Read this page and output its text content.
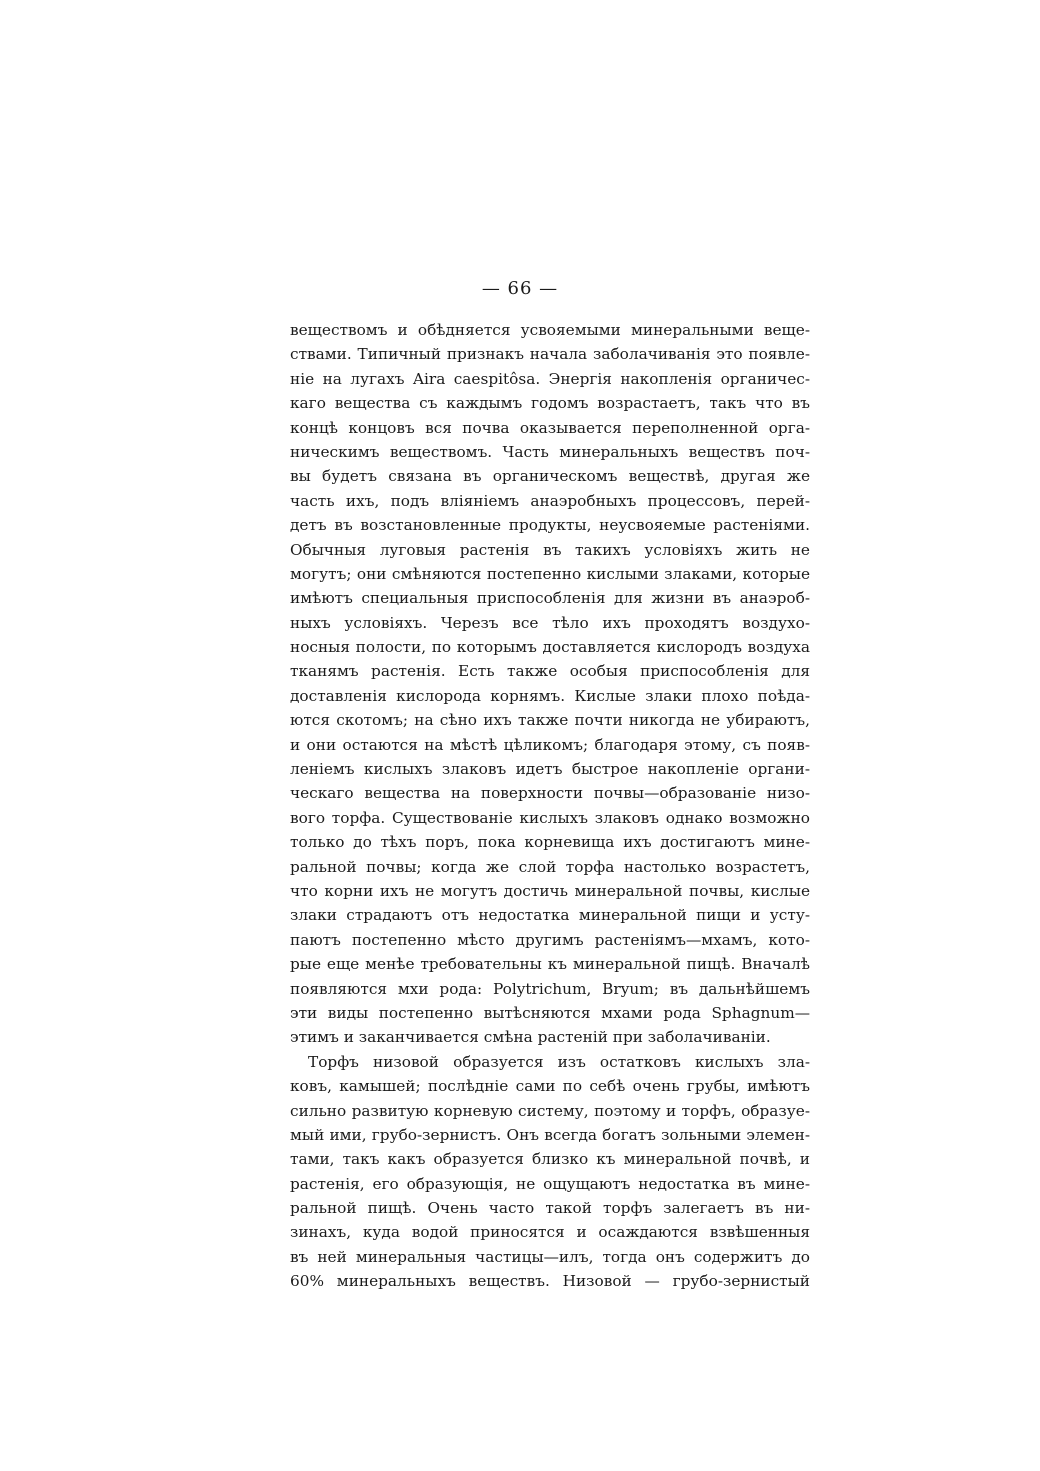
— 66 —
веществомъ и обѣдняется усвояемыми минеральными веще-
ствами. Типичный признакъ начала заболачиванія это появле-
ніе на лугахъ Aira caespitôsa. Энергія накопленія органичес-
каго вещества съ каждымъ годомъ возрастаетъ, такъ что въ
концѣ концовъ вся почва оказывается переполненной орга-
ническимъ веществомъ. Часть минеральныхъ веществъ поч-
вы будетъ связана въ органическомъ веществѣ, другая же
часть ихъ, подъ вліяніемъ анаэробныхъ процессовъ, перей-
детъ въ возстановленные продукты, неусвояемые растеніями.
Обычныя луговыя растенія въ такихъ условіяхъ жить не
могутъ; они смѣняются постепенно кислыми злаками, которые
имѣютъ специальныя приспособленія для жизни въ анаэроб-
ныхъ условіяхъ. Черезъ все тѣло ихъ проходятъ воздухо-
носныя полости, по которымъ доставляется кислородъ воздуха
тканямъ растенія. Есть также особыя приспособленія для
доставленія кислорода корнямъ. Кислые злаки плохо поѣда-
ются скотомъ; на сѣно ихъ также почти никогда не убираютъ,
и они остаются на мѣстѣ цѣликомъ; благодаря этому, съ появ-
леніемъ кислыхъ злаковъ идетъ быстрое накопленіе органи-
ческаго вещества на поверхности почвы—образованіе низо-
вого торфа. Существованіе кислыхъ злаковъ однако возможно
только до тѣхъ поръ, пока корневища ихъ достигаютъ мине-
ральной почвы; когда же слой торфа настолько возрастетъ,
что корни ихъ не могутъ достичь минеральной почвы, кислые
злаки страдаютъ отъ недостатка минеральной пищи и усту-
паютъ постепенно мѣсто другимъ растеніямъ—мхамъ, кото-
рые еще менѣе требовательны къ минеральной пищѣ. Вначалѣ
появляются мхи рода: Polytrichum, Bryum; въ дальнѣйшемъ
эти виды постепенно вытѣсняются мхами рода Sphagnum—
этимъ и заканчивается смѣна растеній при заболачиваніи.
Торфъ низовой образуется изъ остатковъ кислыхъ зла-
ковъ, камышей; послѣдніе сами по себѣ очень грубы, имѣютъ
сильно развитую корневую систему, поэтому и торфъ, образуе-
мый ими, грубо-зернистъ. Онъ всегда богатъ зольными элемен-
тами, такъ какъ образуется близко къ минеральной почвѣ, и
растенія, его образующія, не ощущаютъ недостатка въ мине-
ральной пищѣ. Очень часто такой торфъ залегаетъ въ ни-
зинахъ, куда водой приносятся и осаждаются взвѣшенныя
въ ней минеральныя частицы—илъ, тогда онъ содержитъ до
60% минеральныхъ веществъ. Низовой — грубо-зернистый
